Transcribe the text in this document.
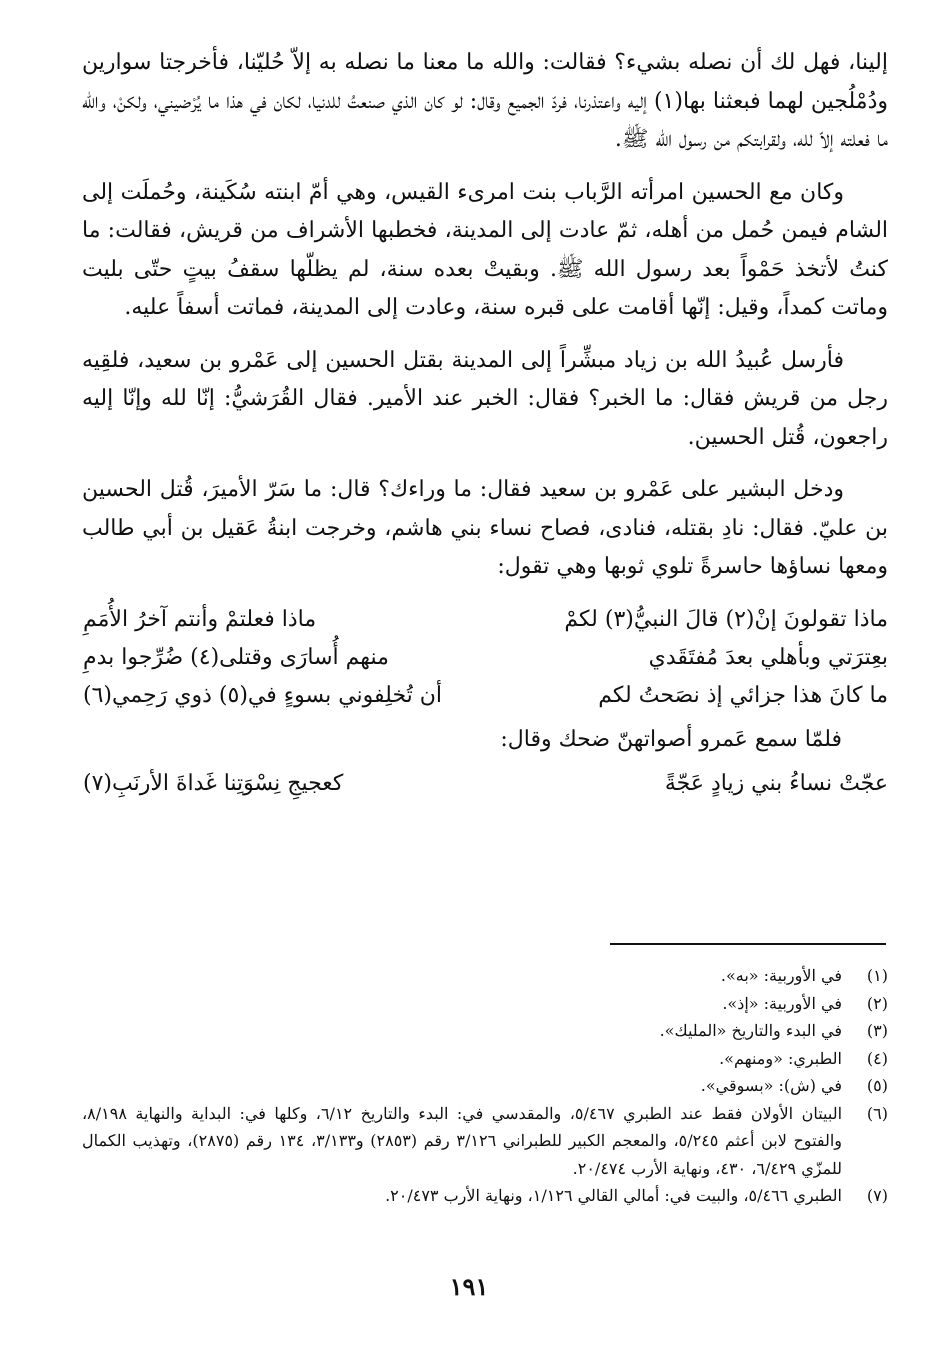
إلينا، فهل لك أن نصله بشيء؟ فقالت: والله ما معنا ما نصله به إلاّ حُليّنا، فأخرجتا سوارين ودُمْلُجين لهما فبعثنا بها(١) إليه واعتذرنا، فردّ الجميع وقال: لو كان الذي صنعتُ للدنيا، لكان في هذا ما يُرْضيني، ولكنْ، والله ما فعلته إلاّ لله، ولقرابتكم من رسول الله ﷺ.

وكان مع الحسين امرأته الرَّباب بنت امرىء القيس، وهي أمّ ابنته سُكَينة، وحُملَت إلى الشام فيمن حُمل من أهله، ثمّ عادت إلى المدينة، فخطبها الأشراف من قريش، فقالت: ما كنتُ لأتخذ حَمْواً بعد رسول الله ﷺ. وبقيتْ بعده سنة، لم يظلّها سقفُ بيتٍ حتّى بليت وماتت كمداً، وقيل: إنّها أقامت على قبره سنة، وعادت إلى المدينة، فماتت أسفاً عليه.

فأرسل عُبيدُ الله بن زياد مبشِّراً إلى المدينة بقتل الحسين إلى عَمْرو بن سعيد، فلقِيه رجل من قريش فقال: ما الخبر؟ فقال: الخبر عند الأمير. فقال القُرَشيُّ: إنّا لله وإنّا إليه راجعون، قُتل الحسين.

ودخل البشير على عَمْرو بن سعيد فقال: ما وراءك؟ قال: ما سَرّ الأميرَ، قُتل الحسين بن عليّ. فقال: نادِ بقتله، فنادى، فصاح نساء بني هاشم، وخرجت ابنةُ عَقيل بن أبي طالب ومعها نساؤها حاسرةً تلوي ثوبها وهي تقول:

ماذا تقولونَ إنْ(٢) قالَ النبيُّ(٣) لكمْ
ماذا فعلتمْ وأنتم آخرُ الأُمَمِ
بعِترَتي وبأهلي بعدَ مُفتَقَدي
منهم أُسارَى وقتلى(٤) ضُرِّجوا بدمِ
ما كانَ هذا جزائي إذ نصَحتُ لكم
أن تُخلِفوني بسوءٍ في(٥) ذوي رَحِمي(٦)

فلمّا سمع عَمرو أصواتهنّ ضحك وقال:

عجّتْ نساءُ بني زيادٍ عَجّةً
كعجيجِ نِسْوَتِنا غَداةَ الأرنَبِ(٧)
(١)
في الأوربية: «به».
(٢)
في الأوربية: «إذ».
(٣)
في البدء والتاريخ «المليك».
(٤)
الطبري: «ومنهم».
(٥)
في (ش): «بسوقي».
(٦)
البيتان الأولان فقط عند الطبري ٥/٤٦٧، والمقدسي في: البدء والتاريخ ٦/١٢، وكلها في: البداية والنهاية ٨/١٩٨، والفتوح لابن أعثم ٥/٢٤٥، والمعجم الكبير للطبراني ٣/١٢٦ رقم (٢٨٥٣) و٣/١٣٣، ١٣٤ رقم (٢٨٧٥)، وتهذيب الكمال للمزّي ٦/٤٢٩، ٤٣٠، ونهاية الأرب ٢٠/٤٧٤.
(٧)
الطبري ٥/٤٦٦، والبيت في: أمالي القالي ١/١٢٦، ونهاية الأرب ٢٠/٤٧٣.
١٩١
